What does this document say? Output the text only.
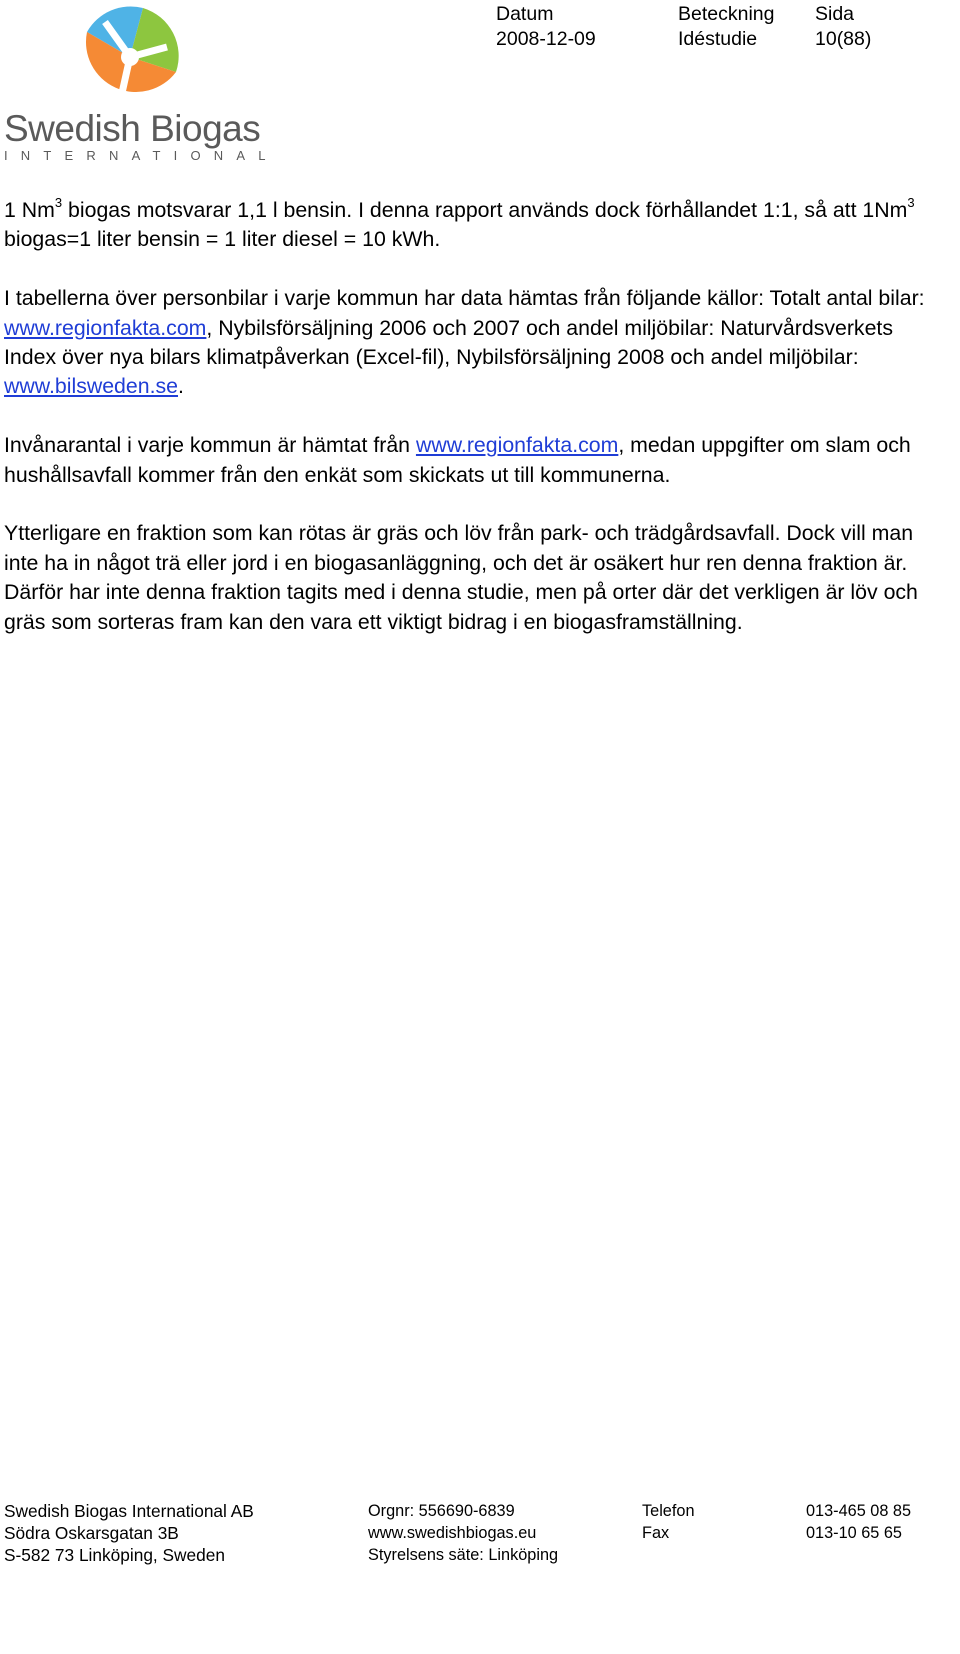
Swedish Biogas
INTERNATIONAL
Datum
2008-12-09
Beteckning
Idéstudie
Sida
10(88)

1 Nm$^3$ biogas motsvarar 1,1 l bensin. I denna rapport används dock förhållandet 1:1, så att 1Nm$^3$ biogas=1 liter bensin = 1 liter diesel = 10 kWh.

I tabellerna över personbilar i varje kommun har data hämtas från följande källor: Totalt antal bilar: www.regionfakta.com, Nybilsförsäljning 2006 och 2007 och andel miljöbilar: Naturvårdsverkets Index över nya bilars klimatpåverkan (Excel-fil), Nybilsförsäljning 2008 och andel miljöbilar: www.bilsweden.se.

Invånarantal i varje kommun är hämtat från www.regionfakta.com, medan uppgifter om slam och hushållsavfall kommer från den enkät som skickats ut till kommunerna.

Ytterligare en fraktion som kan rötas är gräs och löv från park- och trädgårdsavfall. Dock vill man inte ha in något trä eller jord i en biogasanläggning, och det är osäkert hur ren denna fraktion är. Därför har inte denna fraktion tagits med i denna studie, men på orter där det verkligen är löv och gräs som sorteras fram kan den vara ett viktigt bidrag i en biogasframställning.

Swedish Biogas International AB
Södra Oskarsgatan 3B
S-582 73 Linköping, Sweden
Orgnr: 556690-6839
www.swedishbiogas.eu
Styrelsens säte: Linköping
Telefon
Fax
013-465 08 85
013-10 65 65
